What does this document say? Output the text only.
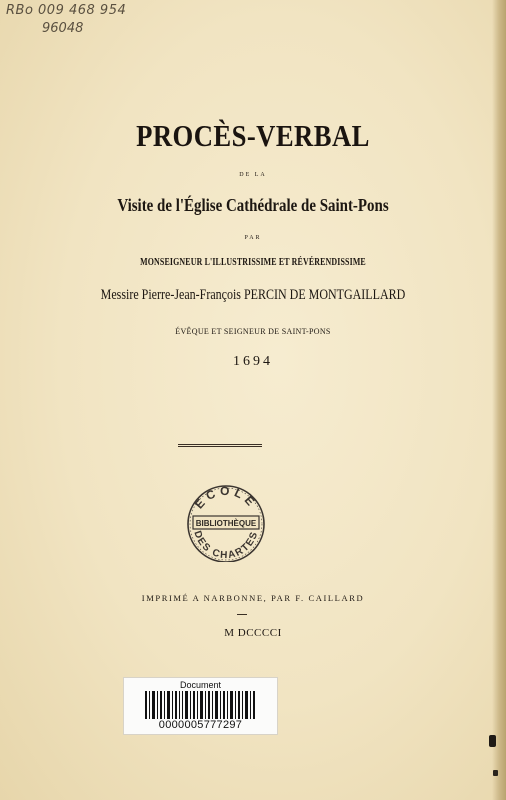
RBo 009 468 954
96048
PROCÈS-VERBAL
DE LA
Visite de l'Église Cathédrale de Saint-Pons
PAR
MONSEIGNEUR L'ILLUSTRISSIME ET RÉVÉRENDISSIME
Messire Pierre-Jean-François PERCIN DE MONTGAILLARD
ÉVÊQUE ET SEIGNEUR DE SAINT-PONS
1694
ECOLE
BIBLIOTHÈQUE
DES CHARTES
IMPRIMÉ A NARBONNE, PAR F. CAILLARD
M DCCCCI
Document
0000005777297
